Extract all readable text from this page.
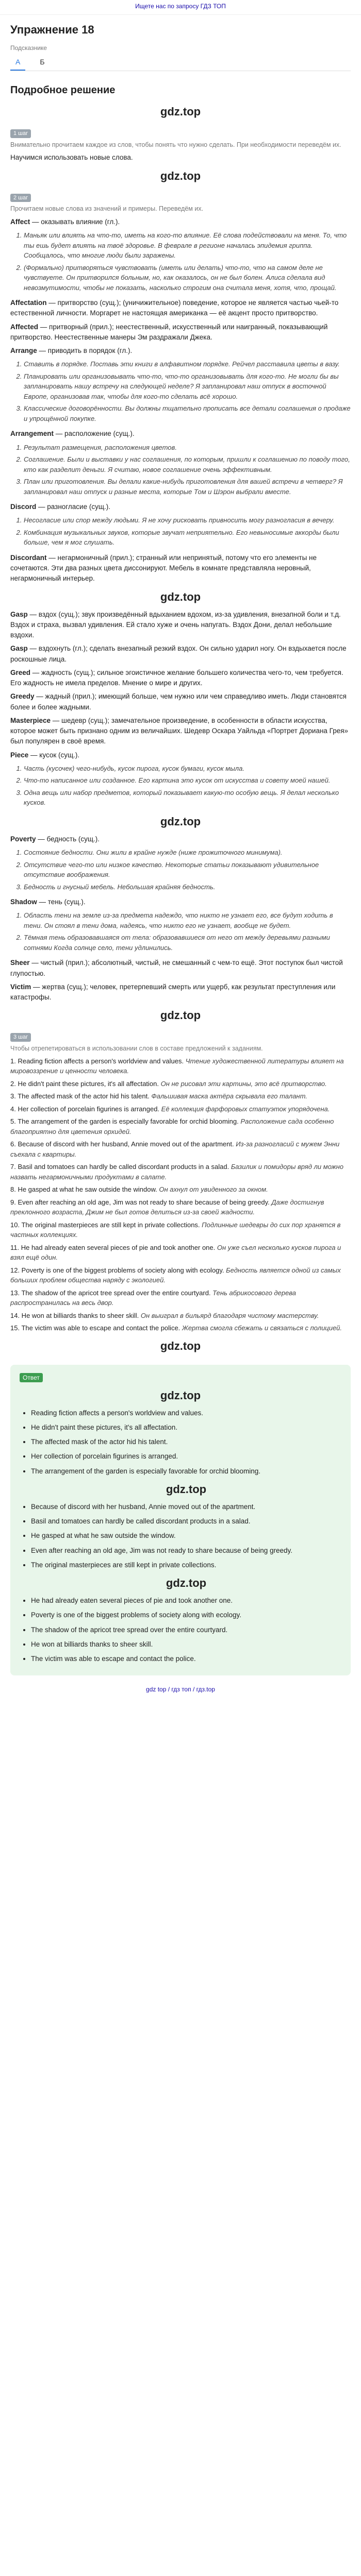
Ищете нас по запросу ГДЗ ТОП
Упражнение 18
Подсказнике
А	Б
Подробное решение
gdz.top
1 шаг
Внимательно прочитаем каждое из слов, чтобы понять что нужно сделать. При необходимости переведём их.
Научимся использовать новые слова.
gdz.top
2 шаг
Прочитаем новые слова из значений и примеры. Переведём их.
Affect — оказывать влияние (гл.).
1. Маньяк или влиять на что-то, иметь на кого-то влияние. Её слова подействовали на меня. То, что ты ешь будет влиять на твоё здоровье. В феврале в регионе началась эпидемия гриппа. Сообщалось, что многие люди были заражены.
2. (Формально) притворяться чувствовать (иметь или делать) что-то, что на самом деле не чувствуете. Он притворился больным, но, как оказалось, он не был болен. Алиса сделала вид невозмутимости, чтобы не показать, насколько строгим она считала меня, хотя, что, прощай.
Affectation — притворство (сущ.); (уничижительное) поведение, которое не является частью чьей-то естественной личности. Моргарет не настоящая американка — её акцент просто притворство.
Affected — притворный (прил.); неестественный, искусственный или наигранный, показывающий притворство. Неестественные манеры Эм раздражали Джека.
Arrange — приводить в порядок (гл.).
1. Ставить в порядке. Поставь эти книги в алфавитном порядке. Рейчел расставила цветы в вазу.
2. Планировать или организовывать что-то, что-то организовывать для кого-то. Не могли бы вы запланировать нашу встречу на следующей неделе? Я запланировал наш отпуск в восточной Европе, организовав так, чтобы для кого-то сделать всё хорошо.
3. Классические договорённости. Вы должны тщательно прописать все детали соглашения о продаже и упрощённой покупке.
Arrangement — расположение (сущ.).
1. Результат размещения, расположения цветов.
2. Соглашение. Были и выставки у нас соглашения, по которым, пришли к соглашению по поводу того, кто как разделит деньги. Я считаю, новое соглашение очень эффективным.
3. План или приготовления. Вы делали какие-нибудь приготовления для вашей встречи в четверг? Я запланировал наш отпуск и разные места, которые Том и Шэрон выбрали вместе.
Discord — разногласие (сущ.).
1. Несогласие или спор между людьми. Я не хочу рисковать привносить могу разногласия в вечеру.
2. Комбинация музыкальных звуков, которые звучат неприятельно. Его невыносимые аккорды были больше, чем я мог слушать.
Discordant — негармоничный (прил.); странный или непринятый, потому что его элементы не сочетаются. Эти два разных цвета диссонируют. Мебель в комнате представляла неровный, негармоничный интерьер.
gdz.top
Gasp — вздох (сущ.); звук произведённый вдыханием вдохом, из-за удивления, внезапной боли и т.д. Вздох и страха, вызвал удивления. Ей стало хуже и очень напугать. Вздох Дони, делал небольшие вздохи.
Gasp — вздохнуть (гл.); сделать внезапный резкий вздох. Он сильно ударил ногу. Он вздыхается после роскошные лица.
Greed — жадность (сущ.); сильное эгоистичное желание большего количества чего-то, чем требуется. Его жадность не имела пределов. Мнение о мире и других.
Greedy — жадный (прил.); имеющий больше, чем нужно или чем справедливо иметь. Люди становятся более и более жадными.
Masterpiece — шедевр (сущ.); замечательное произведение, в особенности в области искусства, которое может быть признано одним из величайших. Шедевр Оскара Уайльда «Портрет Дориана Грея» был популярен в своё время.
Piece — кусок (сущ.).
1. Часть (кусочек) чего-нибудь, кусок пирога, кусок бумаги, кусок мыла.
2. Что-то написанное или созданное. Его картина это кусок от искусства и совету моей нашей.
3. Одна вещь или набор предметов, который показывает какую-то особую вещь. Я делал несколько кусков.
gdz.top
Poverty — бедность (сущ.).
1. Состояние бедности. Они жили в крайне нужде (ниже прожиточного минимума).
2. Отсутствие чего-то или низкое качество. Некоторые статьи показывают удивительное отсутствие воображения.
3. Бедность и гнусный мебель. Небольшая крайняя бедность.
Shadow — тень (сущ.).
1. Область тени на земле из-за предмета надеждо, что никто не узнает его, все будут ходить в тени. Он стоял в тени дома, надеясь, что никто его не узнает, вообще не будет.
2. Тёмная тень образовавшаяся от тела: образовавшиеся от него от между деревьями разными сотнями Когда солнце село, тени удлинились.
Sheer — чистый (прил.); абсолютный, чистый, не смешанный с чем-то ещё. Этот поступок был чистой глупостью.
Victim — жертва (сущ.); человек, претерпевший смерть или ущерб, как результат преступления или катастрофы.
gdz.top
3 шаг
Чтобы отрепетироваться в использовании слов в составе предложений к заданиям.
1. Reading fiction affects a person's worldview and values. Чтение художественной литературы влияет на мировоззрение и ценности человека.
2. He didn't paint these pictures, it's all affectation. Он не рисовал эти картины, это всё притворство.
3. The affected mask of the actor hid his talent. Фальшивая маска актёра скрывала его талант.
4. Her collection of porcelain figurines is arranged. Её коллекция фарфоровых статуэток упорядочена.
5. The arrangement of the garden is especially favorable for orchid blooming. Расположение сада особенно благоприятно для цветения орхидей.
6. Because of discord with her husband, Annie moved out of the apartment. Из-за разногласий с мужем Энни съехала с квартиры.
7. Basil and tomatoes can hardly be called discordant products in a salad. Базилик и помидоры вряд ли можно назвать негармоничными продуктами в салате.
8. He gasped at what he saw outside the window. Он ахнул от увиденного за окном.
9. Even after reaching an old age, Jim was not ready to share because of being greedy. Даже достигнув преклонного возраста, Джим не был готов делиться из-за своей жадности.
10. The original masterpieces are still kept in private collections. Подлинные шедевры до сих пор хранятся в частных коллекциях.
11. He had already eaten several pieces of pie and took another one. Он уже съел несколько кусков пирога и взял ещё один.
12. Poverty is one of the biggest problems of society along with ecology. Бедность является одной из самых больших проблем общества наряду с экологией.
13. The shadow of the apricot tree spread over the entire courtyard. Тень абрикосового дерева распространилась на весь двор.
14. He won at billiards thanks to sheer skill. Он выиграл в бильярд благодаря чистому мастерству.
15. The victim was able to escape and contact the police. Жертва смогла сбежать и связаться с полицией.
gdz.top
Ответ
gdz.top
• Reading fiction affects a person's worldview and values.
• He didn't paint these pictures, it's all affectation.
• The affected mask of the actor hid his talent.
• Her collection of porcelain figurines is arranged.
• The arrangement of the garden is especially favorable for orchid blooming.
gdz.top
• Because of discord with her husband, Annie moved out of the apartment.
• Basil and tomatoes can hardly be called discordant products in a salad.
• He gasped at what he saw outside the window.
• Even after reaching an old age, Jim was not ready to share because of being greedy.
• The original masterpieces are still kept in private collections.
gdz.top
• He had already eaten several pieces of pie and took another one.
• Poverty is one of the biggest problems of society along with ecology.
• The shadow of the apricot tree spread over the entire courtyard.
• He won at billiards thanks to sheer skill.
• The victim was able to escape and contact the police.
gdz top / гдз топ / гдз.top
